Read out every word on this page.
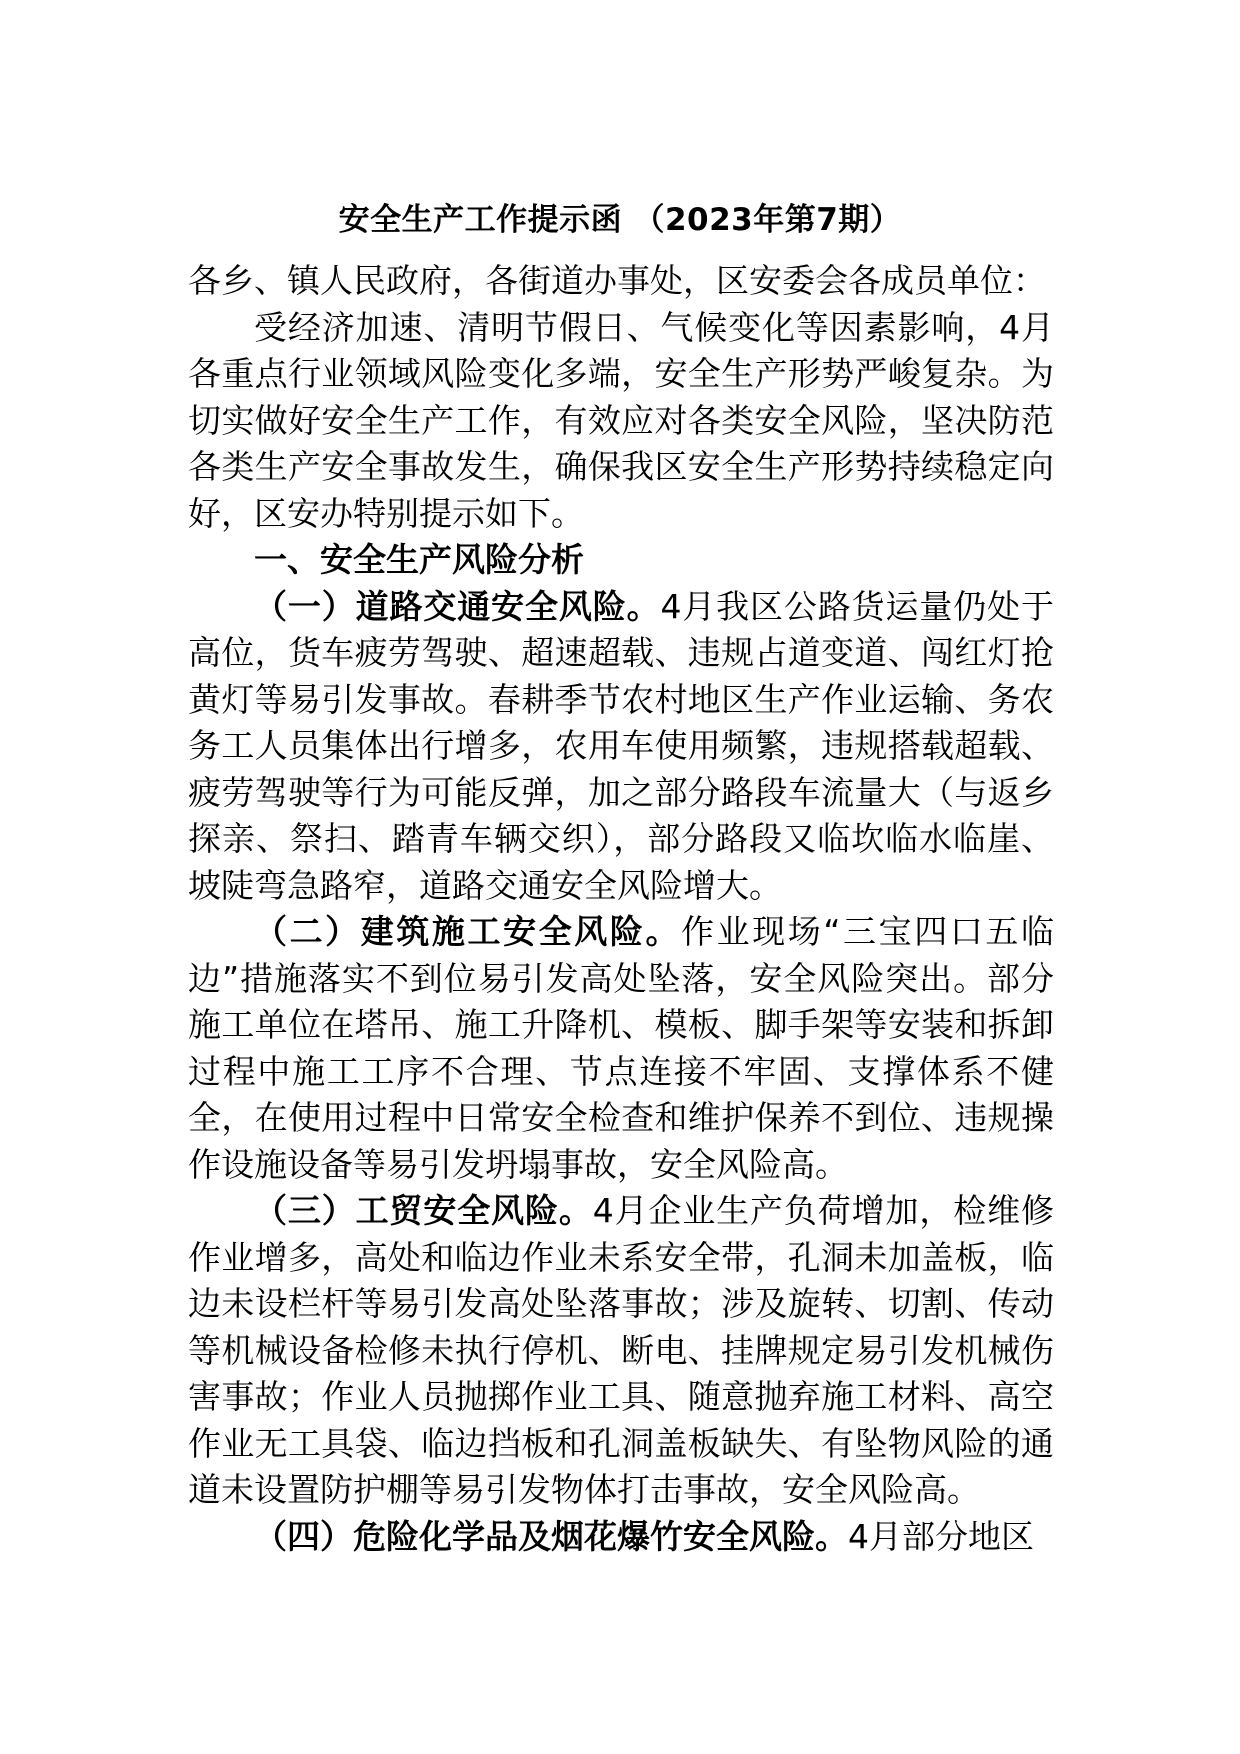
安全生产工作提示函 （2023年第7期）

各乡、镇人民政府，各街道办事处，区安委会各成员单位：

受经济加速、清明节假日、气候变化等因素影响，4月各重点行业领域风险变化多端，安全生产形势严峻复杂。为切实做好安全生产工作，有效应对各类安全风险，坚决防范各类生产安全事故发生，确保我区安全生产形势持续稳定向好，区安办特别提示如下。

一、安全生产风险分析

（一）道路交通安全风险。4月我区公路货运量仍处于高位，货车疲劳驾驶、超速超载、违规占道变道、闯红灯抢黄灯等易引发事故。春耕季节农村地区生产作业运输、务农务工人员集体出行增多，农用车使用频繁，违规搭载超载、疲劳驾驶等行为可能反弹，加之部分路段车流量大（与返乡探亲、祭扫、踏青车辆交织），部分路段又临坎临水临崖、坡陡弯急路窄，道路交通安全风险增大。

（二）建筑施工安全风险。作业现场“三宝四口五临边”措施落实不到位易引发高处坠落，安全风险突出。部分施工单位在塔吊、施工升降机、模板、脚手架等安装和拆卸过程中施工工序不合理、节点连接不牢固、支撑体系不健全，在使用过程中日常安全检查和维护保养不到位、违规操作设施设备等易引发坍塌事故，安全风险高。

（三）工贸安全风险。4月企业生产负荷增加，检维修作业增多，高处和临边作业未系安全带，孔洞未加盖板，临边未设栏杆等易引发高处坠落事故；涉及旋转、切割、传动等机械设备检修未执行停机、断电、挂牌规定易引发机械伤害事故；作业人员抛掷作业工具、随意抛弃施工材料、高空作业无工具袋、临边挡板和孔洞盖板缺失、有坠物风险的通道未设置防护棚等易引发物体打击事故，安全风险高。

（四）危险化学品及烟花爆竹安全风险。4月部分地区
